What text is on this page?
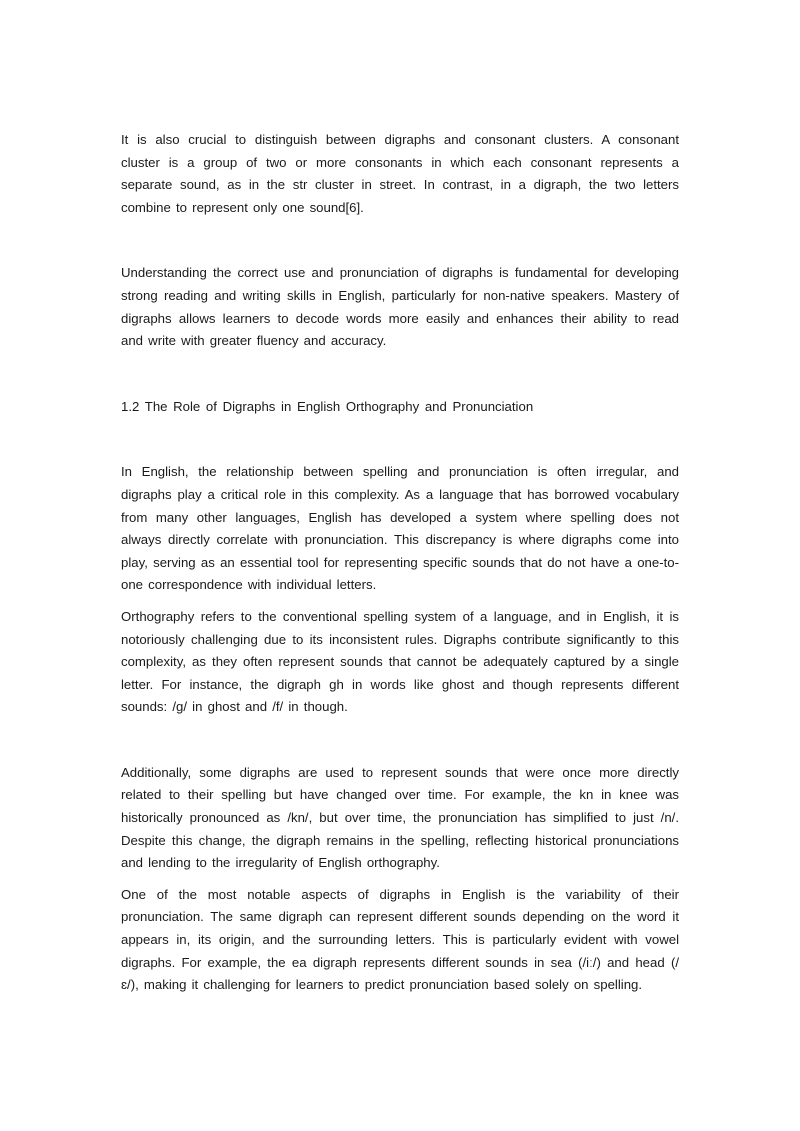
It is also crucial to distinguish between digraphs and consonant clusters. A consonant cluster is a group of two or more consonants in which each consonant represents a separate sound, as in the str cluster in street. In contrast, in a digraph, the two letters combine to represent only one sound[6].

Understanding the correct use and pronunciation of digraphs is fundamental for developing strong reading and writing skills in English, particularly for non-native speakers. Mastery of digraphs allows learners to decode words more easily and enhances their ability to read and write with greater fluency and accuracy.

1.2 The Role of Digraphs in English Orthography and Pronunciation

In English, the relationship between spelling and pronunciation is often irregular, and digraphs play a critical role in this complexity. As a language that has borrowed vocabulary from many other languages, English has developed a system where spelling does not always directly correlate with pronunciation. This discrepancy is where digraphs come into play, serving as an essential tool for representing specific sounds that do not have a one-to-one correspondence with individual letters.

Orthography refers to the conventional spelling system of a language, and in English, it is notoriously challenging due to its inconsistent rules. Digraphs contribute significantly to this complexity, as they often represent sounds that cannot be adequately captured by a single letter. For instance, the digraph gh in words like ghost and though represents different sounds: /g/ in ghost and /f/ in though.

Additionally, some digraphs are used to represent sounds that were once more directly related to their spelling but have changed over time. For example, the kn in knee was historically pronounced as /kn/, but over time, the pronunciation has simplified to just /n/. Despite this change, the digraph remains in the spelling, reflecting historical pronunciations and lending to the irregularity of English orthography.

One of the most notable aspects of digraphs in English is the variability of their pronunciation. The same digraph can represent different sounds depending on the word it appears in, its origin, and the surrounding letters. This is particularly evident with vowel digraphs. For example, the ea digraph represents different sounds in sea (/iː/) and head (/ɛ/), making it challenging for learners to predict pronunciation based solely on spelling.
